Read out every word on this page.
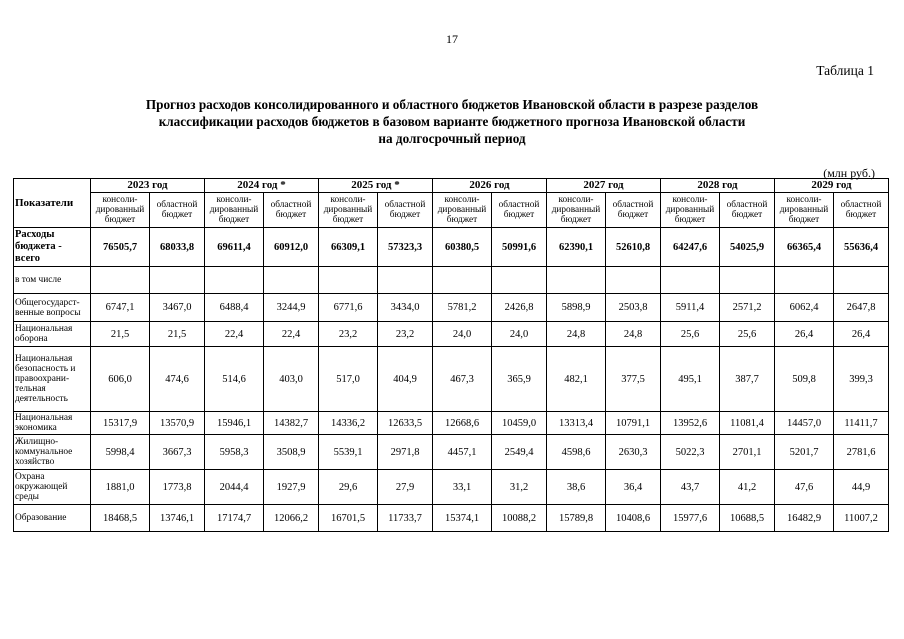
17
Таблица 1
Прогноз расходов консолидированного и областного бюджетов Ивановской области в разрезе разделов
классификации расходов бюджетов в базовом варианте бюджетного прогноза Ивановской области
на долгосрочный период
(млн руб.)
Показатели	2023 год		2024 год *		2025 год *		2026 год		2027 год		2028 год		2029 год	
	консоли-дированный бюджет	областной бюджет	консоли-дированный бюджет	областной бюджет	консоли-дированный бюджет	областной бюджет	консоли-дированный бюджет	областной бюджет	консоли-дированный бюджет	областной бюджет	консоли-дированный бюджет	областной бюджет	консоли-дированный бюджет	областной бюджет
Расходы бюджета - всего	76505,7	68033,8	69611,4	60912,0	66309,1	57323,3	60380,5	50991,6	62390,1	52610,8	64247,6	54025,9	66365,4	55636,4
в том числе														
Общегосударст-венные вопросы	6747,1	3467,0	6488,4	3244,9	6771,6	3434,0	5781,2	2426,8	5898,9	2503,8	5911,4	2571,2	6062,4	2647,8
Национальная оборона	21,5	21,5	22,4	22,4	23,2	23,2	24,0	24,0	24,8	24,8	25,6	25,6	26,4	26,4
Национальная безопасность и правоохрани-тельная деятельность	606,0	474,6	514,6	403,0	517,0	404,9	467,3	365,9	482,1	377,5	495,1	387,7	509,8	399,3
Национальная экономика	15317,9	13570,9	15946,1	14382,7	14336,2	12633,5	12668,6	10459,0	13313,4	10791,1	13952,6	11081,4	14457,0	11411,7
Жилищно-коммунальное хозяйство	5998,4	3667,3	5958,3	3508,9	5539,1	2971,8	4457,1	2549,4	4598,6	2630,3	5022,3	2701,1	5201,7	2781,6
Охрана окружающей среды	1881,0	1773,8	2044,4	1927,9	29,6	27,9	33,1	31,2	38,6	36,4	43,7	41,2	47,6	44,9
Образование	18468,5	13746,1	17174,7	12066,2	16701,5	11733,7	15374,1	10088,2	15789,8	10408,6	15977,6	10688,5	16482,9	11007,2
